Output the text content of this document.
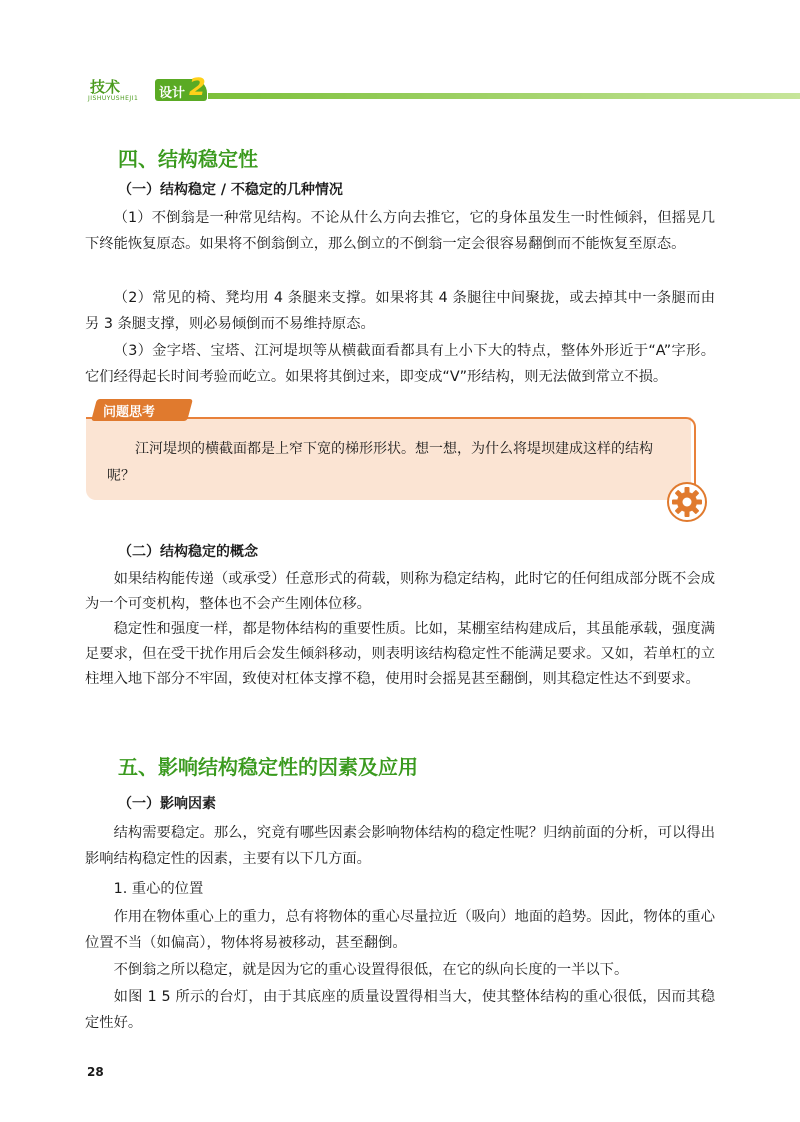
技术
JISHUYUSHEJI1 设计 2
四、结构稳定性
（一）结构稳定 / 不稳定的几种情况

（1）不倒翁是一种常见结构。不论从什么方向去推它，它的身体虽发生一时性倾斜，但摇晃几下终能恢复原态。如果将不倒翁倒立，那么倒立的不倒翁一定会很容易翻倒而不能恢复至原态。

（2）常见的椅、凳均用 4 条腿来支撑。如果将其 4 条腿往中间聚拢，或去掉其中一条腿而由另 3 条腿支撑，则必易倾倒而不易维持原态。

（3）金字塔、宝塔、江河堤坝等从横截面看都具有上小下大的特点，整体外形近于“A”字形。它们经得起长时间考验而屹立。如果将其倒过来，即变成“V”形结构，则无法做到常立不损。

问题思考

江河堤坝的横截面都是上窄下宽的梯形形状。想一想，为什么将堤坝建成这样的结构呢？

（二）结构稳定的概念

如果结构能传递（或承受）任意形式的荷载，则称为稳定结构，此时它的任何组成部分既不会成为一个可变机构，整体也不会产生刚体位移。

稳定性和强度一样，都是物体结构的重要性质。比如，某棚室结构建成后，其虽能承载，强度满足要求，但在受干扰作用后会发生倾斜移动，则表明该结构稳定性不能满足要求。又如，若单杠的立柱埋入地下部分不牢固，致使对杠体支撑不稳，使用时会摇晃甚至翻倒，则其稳定性达不到要求。

五、影响结构稳定性的因素及应用
（一）影响因素

结构需要稳定。那么，究竟有哪些因素会影响物体结构的稳定性呢？归纳前面的分析，可以得出影响结构稳定性的因素，主要有以下几方面。

1. 重心的位置

作用在物体重心上的重力，总有将物体的重心尽量拉近（吸向）地面的趋势。因此，物体的重心位置不当（如偏高），物体将易被移动，甚至翻倒。

不倒翁之所以稳定，就是因为它的重心设置得很低，在它的纵向长度的一半以下。

如图 1 5 所示的台灯，由于其底座的质量设置得相当大，使其整体结构的重心很低，因而其稳定性好。

28
